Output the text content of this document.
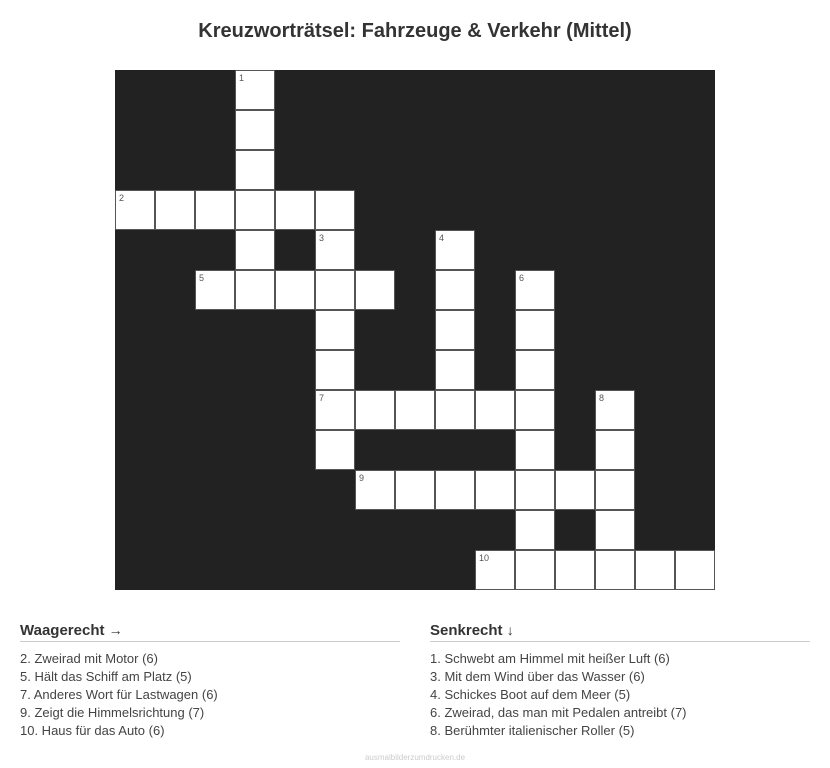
Kreuzworträtsel: Fahrzeuge & Verkehr (Mittel)
1
2
3	4
5	6
7	8
9
10
Waagerecht →
2. Zweirad mit Motor (6)
5. Hält das Schiff am Platz (5)
7. Anderes Wort für Lastwagen (6)
9. Zeigt die Himmelsrichtung (7)
10. Haus für das Auto (6)
Senkrecht ↓
1. Schwebt am Himmel mit heißer Luft (6)
3. Mit dem Wind über das Wasser (6)
4. Schickes Boot auf dem Meer (5)
6. Zweirad, das man mit Pedalen antreibt (7)
8. Berühmter italienischer Roller (5)
ausmalbilderzumdrucken.de
